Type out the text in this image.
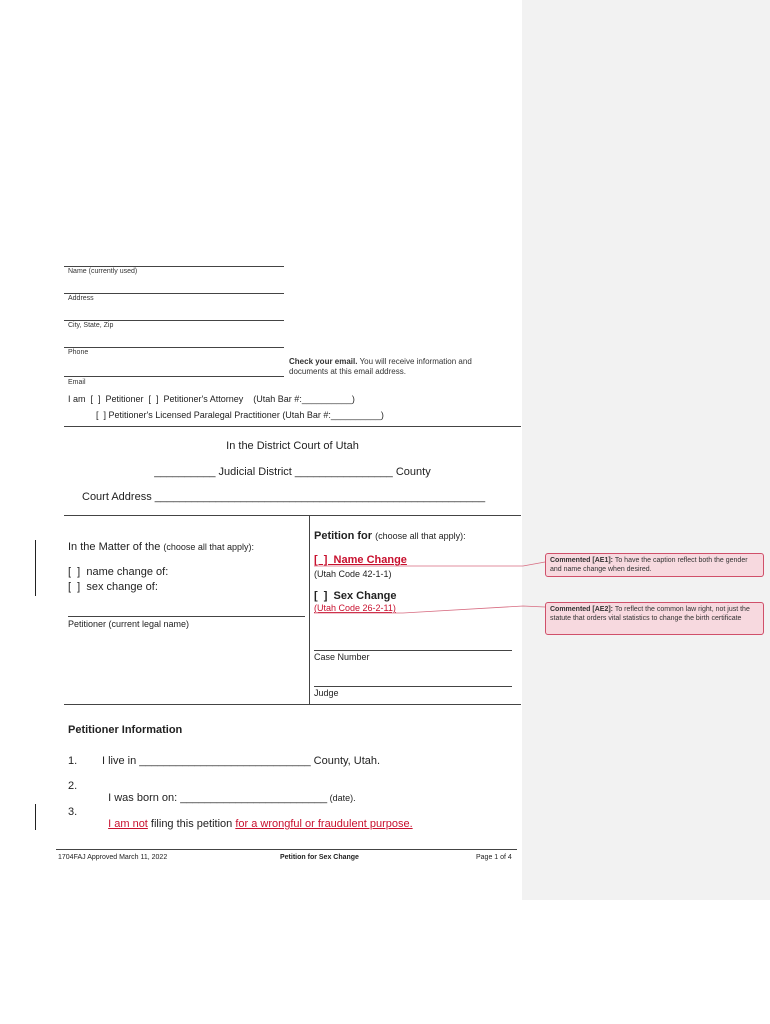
Name (currently used)
Address
City, State, Zip
Phone
Email
Check your email. You will receive information and documents at this email address.
I am  [  ]  Petitioner  [  ]  Petitioner's Attorney    (Utah Bar #:__________)
[  ] Petitioner's Licensed Paralegal Practitioner (Utah Bar #:__________)
In the District Court of Utah
__________ Judicial District ________________ County
Court Address ______________________________________________________
In the Matter of the (choose all that apply):
[  ]  name change of:
[  ]  sex change of:
Petitioner (current legal name)
Petition for (choose all that apply):
[  ]  Name Change
(Utah Code 42-1-1)
[  ]  Sex Change
(Utah Code 26-2-11)
Case Number
Judge
Petitioner Information
1. I live in ____________________________ County, Utah.
2.

I was born on: ________________________ (date).

3.

I am not filing this petition for a wrongful or fraudulent purpose.

1704FAJ Approved March 11, 2022	Petition for Sex Change	Page 1 of 4
Commented [AE1]: To have the caption reflect both the gender and name change when desired.
Commented [AE2]: To reflect the common law right, not just the statute that orders vital statistics to change the birth certificate
